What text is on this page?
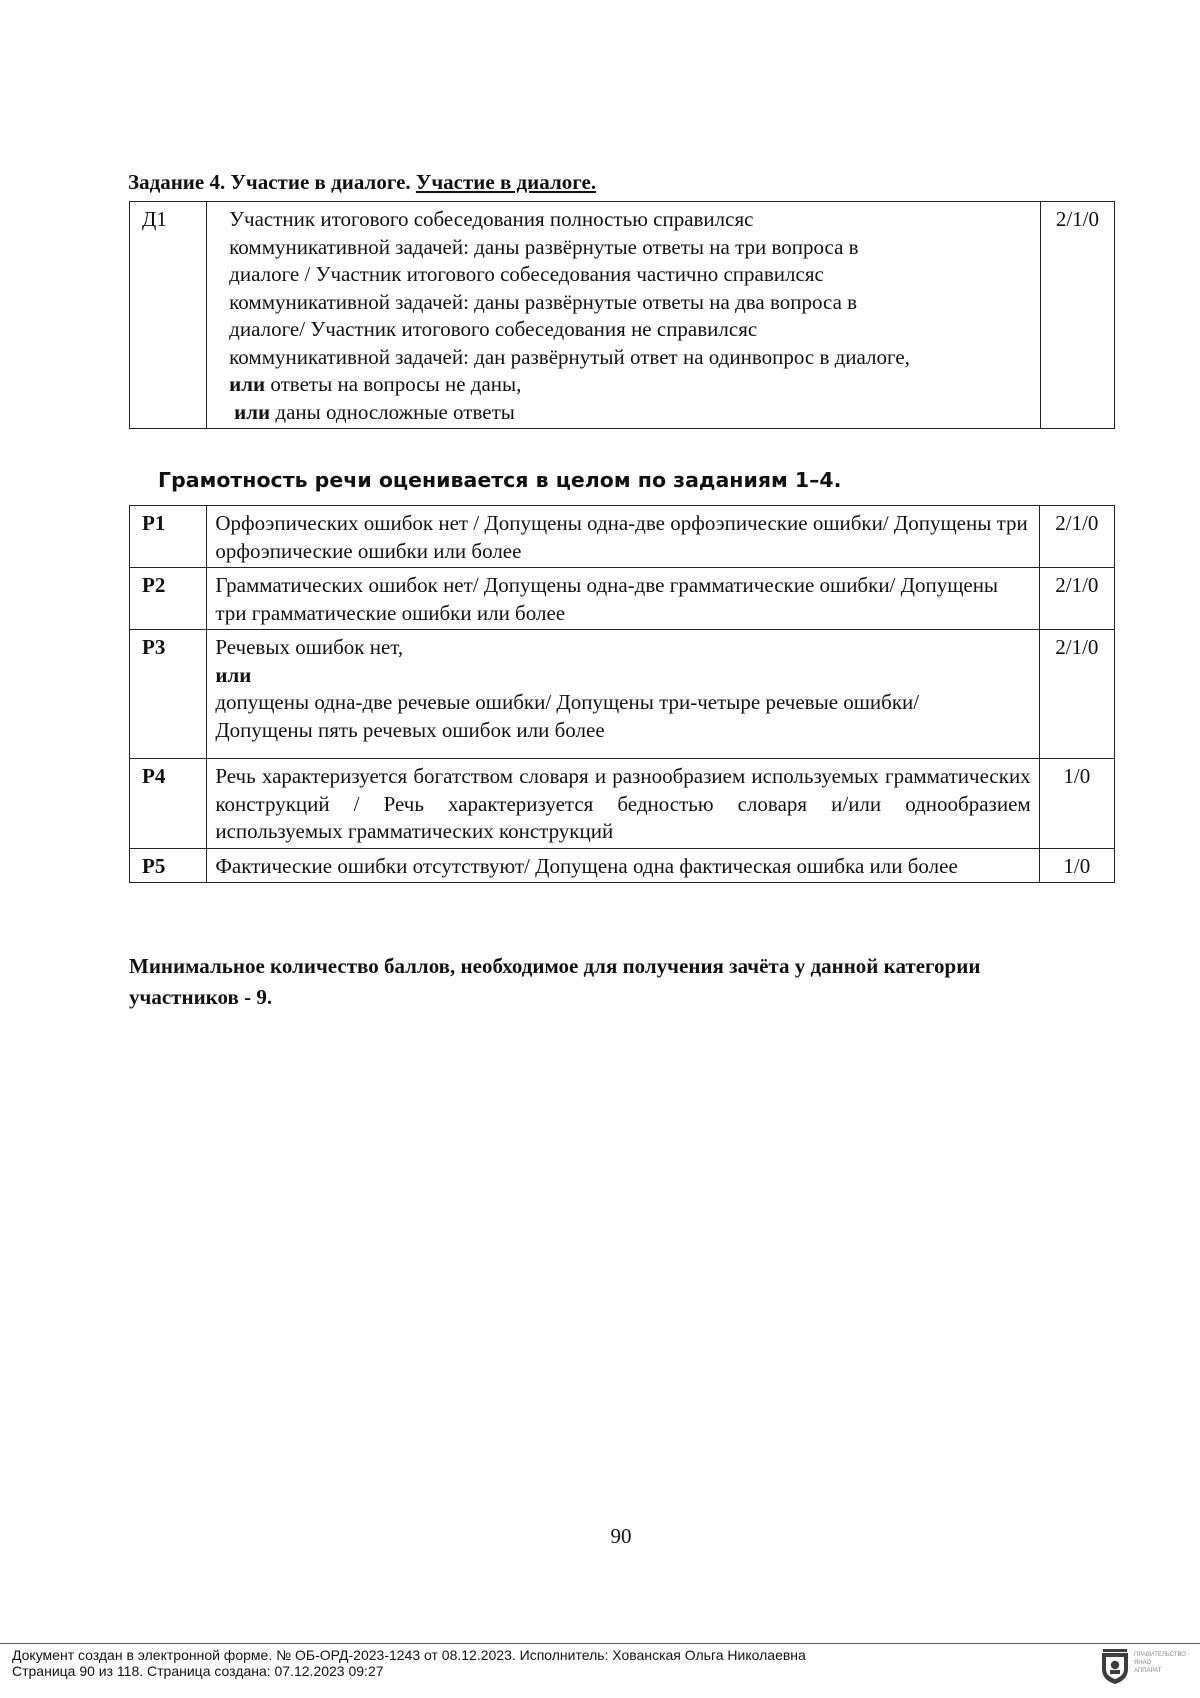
Задание 4. Участие в диалоге. Участие в диалоге.
Д1	Участник итогового собеседования полностью справилсяс
коммуникативной задачей: даны развёрнутые ответы на три вопроса в
диалоге / Участник итогового собеседования частично справилсяс
коммуникативной задачей: даны развёрнутые ответы на два вопроса в
диалоге/ Участник итогового собеседования не справилсяс
коммуникативной задачей: дан развёрнутый ответ на одинвопрос в диалоге,
или ответы на вопросы не даны,
или даны односложные ответы
	2/1/0
Грамотность речи оценивается в целом по заданиям 1–4.
Р1	Орфоэпических ошибок нет / Допущены одна-две орфоэпические ошибки/ Допущены три орфоэпические ошибки или более	2/1/0
Р2	Грамматических ошибок нет/ Допущены одна-две грамматические ошибки/ Допущены три грамматические ошибки или более	2/1/0
Р3	Речевых ошибок нет,
или
допущены одна-две речевые ошибки/ Допущены три-четыре речевые ошибки/
Допущены пять речевых ошибок или более	2/1/0
Р4	Речь характеризуется богатством словаря и разнообразием используемых грамматических конструкций / Речь характеризуется бедностью словаря и/или однообразием используемых грамматических конструкций	1/0
Р5	Фактические ошибки отсутствуют/ Допущена одна фактическая ошибка или более	1/0
Минимальное количество баллов, необходимое для получения зачёта у данной категории участников - 9.
90
Документ создан в электронной форме. № ОБ-ОРД-2023-1243 от 08.12.2023. Исполнитель: Хованская Ольга Николаевна
Страница 90 из 118. Страница создана: 07.12.2023 09:27
ПРАВИТЕЛЬСТВО
ЯНАО
АППАРАТ
